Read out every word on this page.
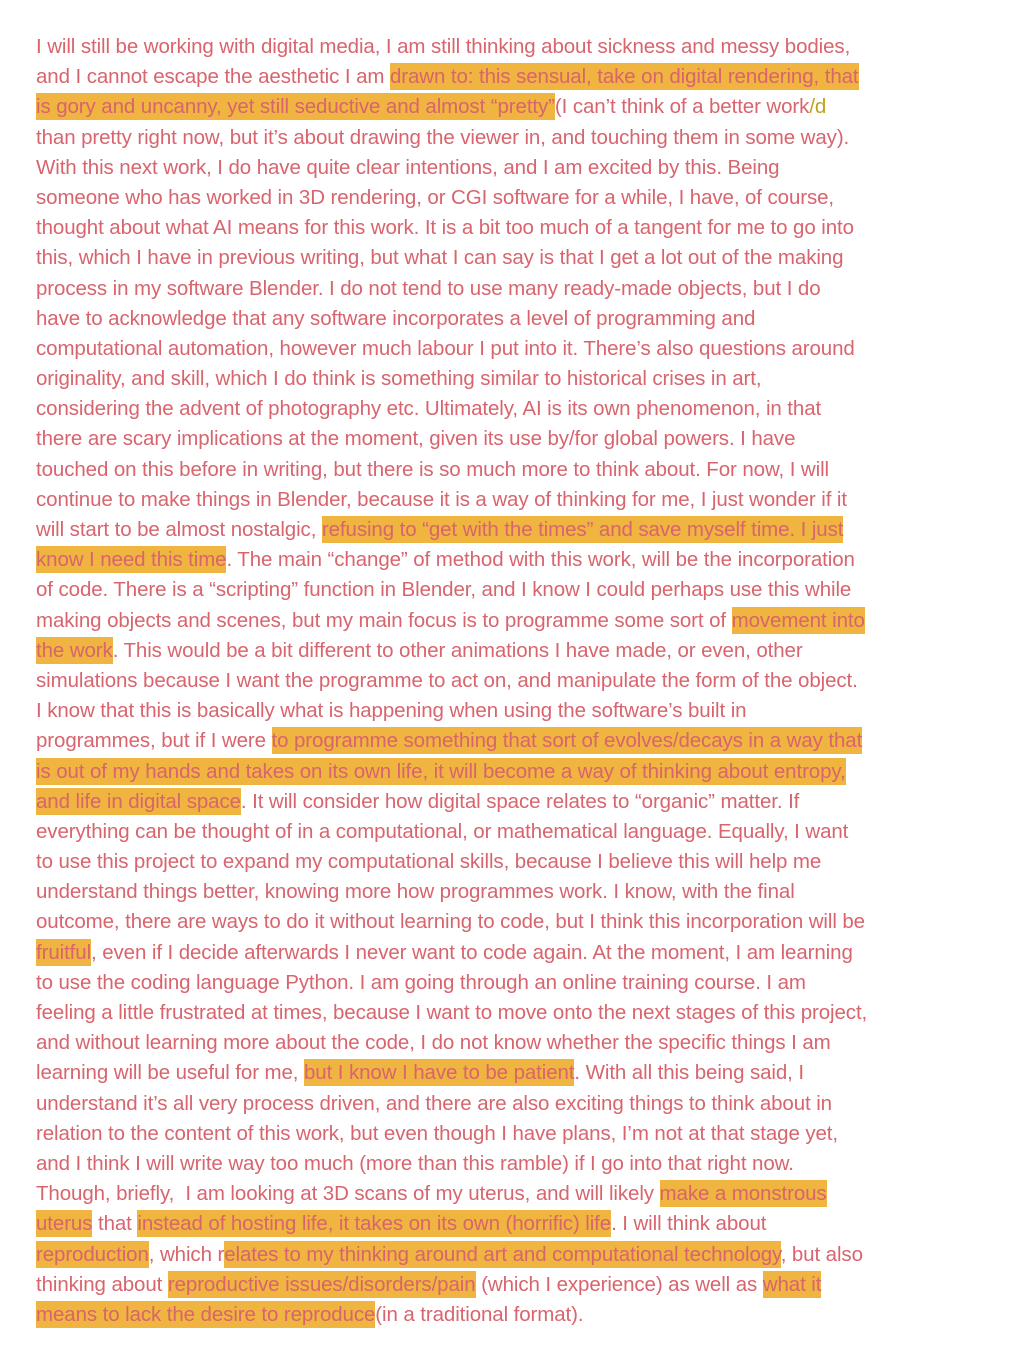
I will still be working with digital media, I am still thinking about sickness and messy bodies,
and I cannot escape the aesthetic I am drawn to: this sensual, take on digital rendering, that
is gory and uncanny, yet still seductive and almost “pretty”(I can’t think of a better work/d
than pretty right now, but it’s about drawing the viewer in, and touching them in some way).
With this next work, I do have quite clear intentions, and I am excited by this. Being
someone who has worked in 3D rendering, or CGI software for a while, I have, of course,
thought about what AI means for this work. It is a bit too much of a tangent for me to go into
this, which I have in previous writing, but what I can say is that I get a lot out of the making
process in my software Blender. I do not tend to use many ready-made objects, but I do
have to acknowledge that any software incorporates a level of programming and
computational automation, however much labour I put into it. There’s also questions around
originality, and skill, which I do think is something similar to historical crises in art,
considering the advent of photography etc. Ultimately, AI is its own phenomenon, in that
there are scary implications at the moment, given its use by/for global powers. I have
touched on this before in writing, but there is so much more to think about. For now, I will
continue to make things in Blender, because it is a way of thinking for me, I just wonder if it
will start to be almost nostalgic, refusing to “get with the times” and save myself time. I just
know I need this time. The main “change” of method with this work, will be the incorporation
of code. There is a “scripting” function in Blender, and I know I could perhaps use this while
making objects and scenes, but my main focus is to programme some sort of movement into
the work. This would be a bit different to other animations I have made, or even, other
simulations because I want the programme to act on, and manipulate the form of the object.
I know that this is basically what is happening when using the software’s built in
programmes, but if I were to programme something that sort of evolves/decays in a way that
is out of my hands and takes on its own life, it will become a way of thinking about entropy,
and life in digital space. It will consider how digital space relates to “organic” matter. If
everything can be thought of in a computational, or mathematical language. Equally, I want
to use this project to expand my computational skills, because I believe this will help me
understand things better, knowing more how programmes work. I know, with the final
outcome, there are ways to do it without learning to code, but I think this incorporation will be
fruitful, even if I decide afterwards I never want to code again. At the moment, I am learning
to use the coding language Python. I am going through an online training course. I am
feeling a little frustrated at times, because I want to move onto the next stages of this project,
and without learning more about the code, I do not know whether the specific things I am
learning will be useful for me, but I know I have to be patient. With all this being said, I
understand it’s all very process driven, and there are also exciting things to think about in
relation to the content of this work, but even though I have plans, I’m not at that stage yet,
and I think I will write way too much (more than this ramble) if I go into that right now.
Though, briefly,  I am looking at 3D scans of my uterus, and will likely make a monstrous
uterus that instead of hosting life, it takes on its own (horrific) life. I will think about
reproduction, which relates to my thinking around art and computational technology, but also
thinking about reproductive issues/disorders/pain (which I experience) as well as what it
means to lack the desire to reproduce(in a traditional format).
